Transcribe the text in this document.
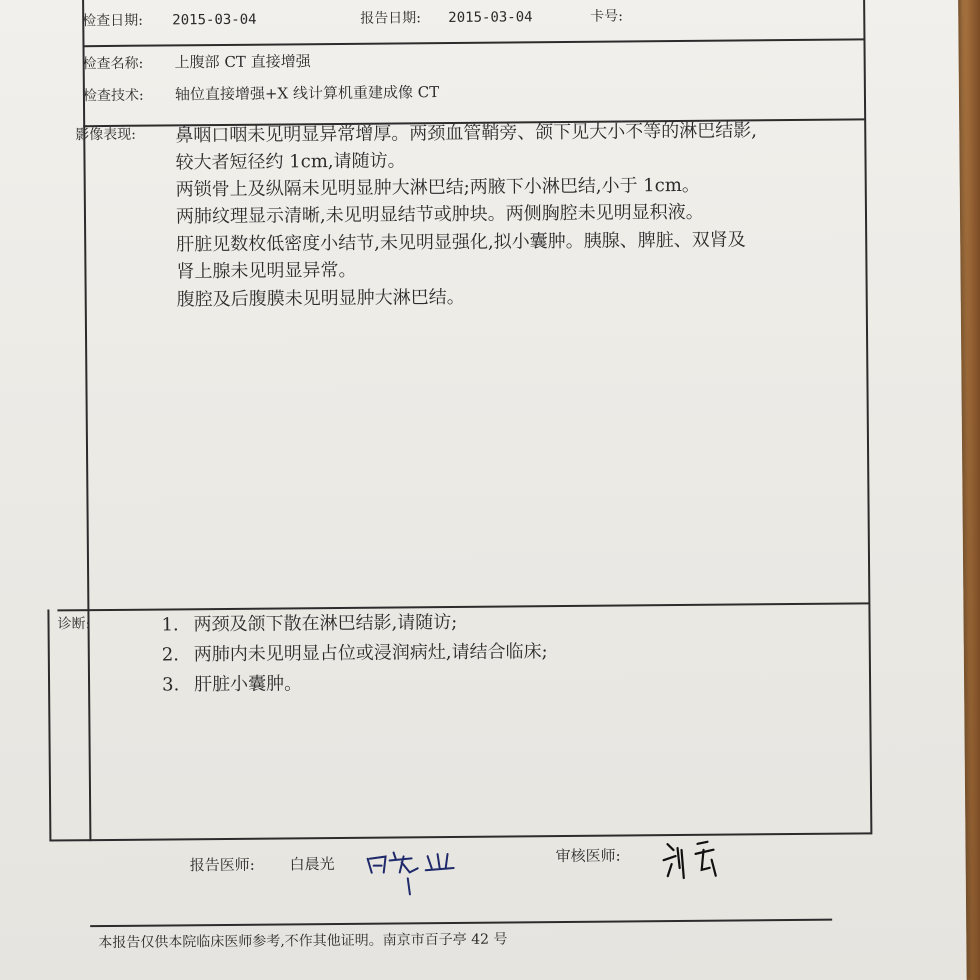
检查日期: 2015-03-04	报告日期: 2015-03-04	卡号:
检查名称: 上腹部 CT 直接增强
检查技术: 轴位直接增强+X 线计算机重建成像 CT
影像表现: 鼻咽口咽未见明显异常增厚。两颈血管鞘旁、颌下见大小不等的淋巴结影,
较大者短径约 1cm,请随访。
两锁骨上及纵隔未见明显肿大淋巴结;两腋下小淋巴结,小于 1cm。
两肺纹理显示清晰,未见明显结节或肿块。两侧胸腔未见明显积液。
肝脏见数枚低密度小结节,未见明显强化,拟小囊肿。胰腺、脾脏、双肾及
肾上腺未见明显异常。
腹腔及后腹膜未见明显肿大淋巴结。
诊断:	1. 两颈及颌下散在淋巴结影,请随访;
2. 两肺内未见明显占位或浸润病灶,请结合临床;
3. 肝脏小囊肿。
报告医师: 白晨光	审核医师:
本报告仅供本院临床医师参考,不作其他证明。南京市百子亭 42 号
